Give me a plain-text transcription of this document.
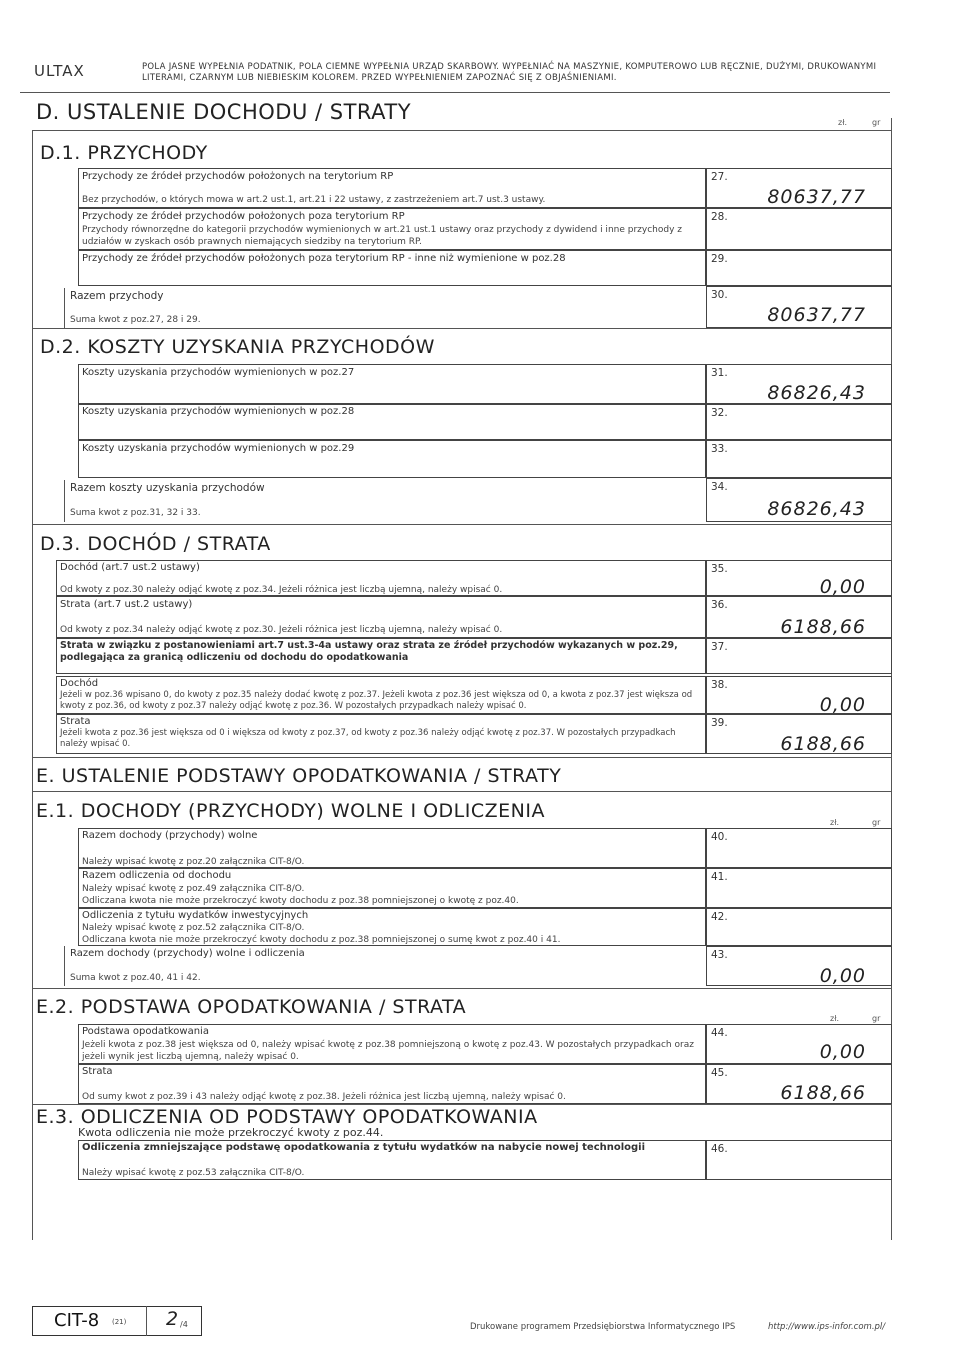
ULTAX	POLA JASNE WYPEŁNIA PODATNIK, POLA CIEMNE WYPEŁNIA URZĄD SKARBOWY. WYPEŁNIAĆ NA MASZYNIE, KOMPUTEROWO LUB RĘCZNIE, DUŻYMI, DRUKOWANYMI LITERAMI, CZARNYM LUB NIEBIESKIM KOLOREM. PRZED WYPEŁNIENIEM ZAPOZNAĆ SIĘ Z OBJAŚNIENIAMI.
D. USTALENIE DOCHODU / STRATY	zł.	gr
D.1. PRZYCHODY
Przychody ze źródeł przychodów położonych na terytorium RP
Bez przychodów, o których mowa w art.2 ust.1, art.21 i 22 ustawy, z zastrzeżeniem art.7 ust.3 ustawy.
27.
80637,77
Przychody ze źródeł przychodów położonych poza terytorium RP
Przychody równorzędne do kategorii przychodów wymienionych w art.21 ust.1 ustawy oraz przychody z dywidend i inne przychody z udziałów w zyskach osób prawnych niemających siedziby na terytorium RP.
28.
Przychody ze źródeł przychodów położonych poza terytorium RP - inne niż wymienione w poz.28	29.
Razem przychody
Suma kwot z poz.27, 28 i 29.
30.
80637,77
D.2. KOSZTY UZYSKANIA PRZYCHODÓW
Koszty uzyskania przychodów wymienionych w poz.27	31.
86826,43
Koszty uzyskania przychodów wymienionych w poz.28	32.
Koszty uzyskania przychodów wymienionych w poz.29	33.
Razem koszty uzyskania przychodów
Suma kwot z poz.31, 32 i 33.
34.
86826,43
D.3. DOCHÓD / STRATA
Dochód (art.7 ust.2 ustawy)
Od kwoty z poz.30 należy odjąć kwotę z poz.34. Jeżeli różnica jest liczbą ujemną, należy wpisać 0.
35.
0,00
Strata (art.7 ust.2 ustawy)
Od kwoty z poz.34 należy odjąć kwotę z poz.30. Jeżeli różnica jest liczbą ujemną, należy wpisać 0.
36.
6188,66
Strata w związku z postanowieniami art.7 ust.3-4a ustawy oraz strata ze źródeł przychodów wykazanych w poz.29, podlegająca za granicą odliczeniu od dochodu do opodatkowania
37.
Dochód
Jeżeli w poz.36 wpisano 0, do kwoty z poz.35 należy dodać kwotę z poz.37. Jeżeli kwota z poz.36 jest większa od 0, a kwota z poz.37 jest większa od kwoty z poz.36, od kwoty z poz.37 należy odjąć kwotę z poz.36. W pozostałych przypadkach należy wpisać 0.
38.
0,00
Strata
Jeżeli kwota z poz.36 jest większa od 0 i większa od kwoty z poz.37, od kwoty z poz.36 należy odjąć kwotę z poz.37. W pozostałych przypadkach należy wpisać 0.
39.
6188,66
E. USTALENIE PODSTAWY OPODATKOWANIA / STRATY
E.1. DOCHODY (PRZYCHODY) WOLNE I ODLICZENIA
zł.	gr
Razem dochody (przychody) wolne
Należy wpisać kwotę z poz.20 załącznika CIT-8/O.
40.
Razem odliczenia od dochodu
Należy wpisać kwotę z poz.49 załącznika CIT-8/O.
Odliczana kwota nie może przekroczyć kwoty dochodu z poz.38 pomniejszonej o kwotę z poz.40.
41.
Odliczenia z tytułu wydatków inwestycyjnych
Należy wpisać kwotę z poz.52 załącznika CIT-8/O.
Odliczana kwota nie może przekroczyć kwoty dochodu z poz.38 pomniejszonej o sumę kwot z poz.40 i 41.
42.
Razem dochody (przychody) wolne i odliczenia
Suma kwot z poz.40, 41 i 42.
43.
0,00
E.2. PODSTAWA OPODATKOWANIA / STRATA
zł.	gr
Podstawa opodatkowania
Jeżeli kwota z poz.38 jest większa od 0, należy wpisać kwotę z poz.38 pomniejszoną o kwotę z poz.43. W pozostałych przypadkach oraz jeżeli wynik jest liczbą ujemną, należy wpisać 0.
44.
0,00
Strata
Od sumy kwot z poz.39 i 43 należy odjąć kwotę z poz.38. Jeżeli różnica jest liczbą ujemną, należy wpisać 0.
45.
6188,66
E.3. ODLICZENIA OD PODSTAWY OPODATKOWANIA
Kwota odliczenia nie może przekroczyć kwoty z poz.44.
Odliczenia zmniejszające podstawę opodatkowania z tytułu wydatków na nabycie nowej technologii
Należy wpisać kwotę z poz.53 załącznika CIT-8/O.
46.
CIT-8 (21) 2 /4	Drukowane programem Przedsiębiorstwa Informatycznego IPS	http://www.ips-infor.com.pl/
